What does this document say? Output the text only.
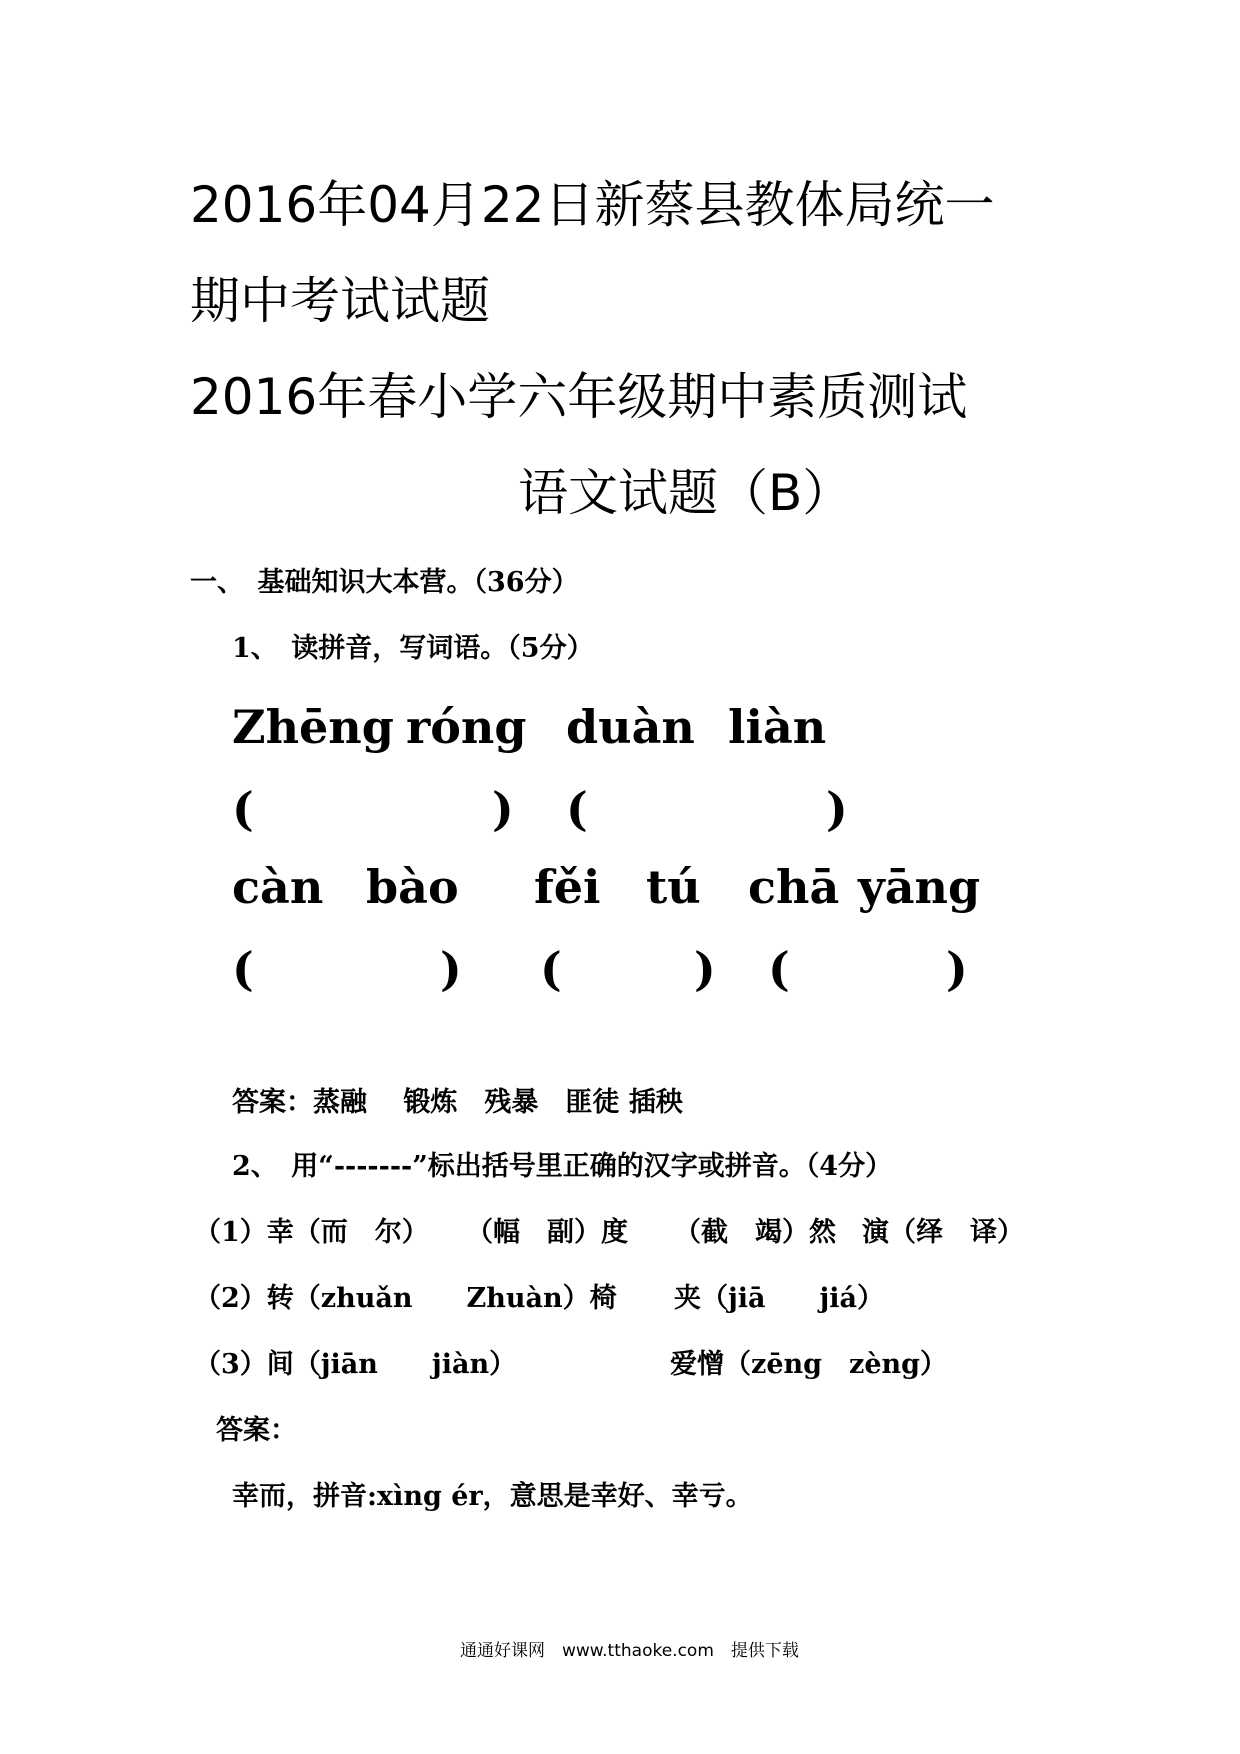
2016年04月22日新蔡县教体局统一
期中考试试题
2016年春小学六年级期中素质测试
语文试题（B）
一、　基础知识大本营。（36分）
1、　读拼音，写词语。（5分）
Zhēng róng duàn liàn
(	) (	)
càn bào fěi tú chā yāng
(	) (	) (	)
答案：蒸融　 锻炼　残暴　匪徒 插秧
2、　用“-------”标出括号里正确的汉字或拼音。（4分）
（1）幸（而　尔） （幅　副）度 （截　竭）然 演（绎　译）
（2）转（zhuǎn　　Zhuàn）椅 夹（jiā　　jiá）
（3）间（jiān　　jiàn）	爱憎（zēng　zèng）
答案：
幸而，拼音:xìng ér，意思是幸好、幸亏。
通通好课网　www.tthaoke.com　提供下载
